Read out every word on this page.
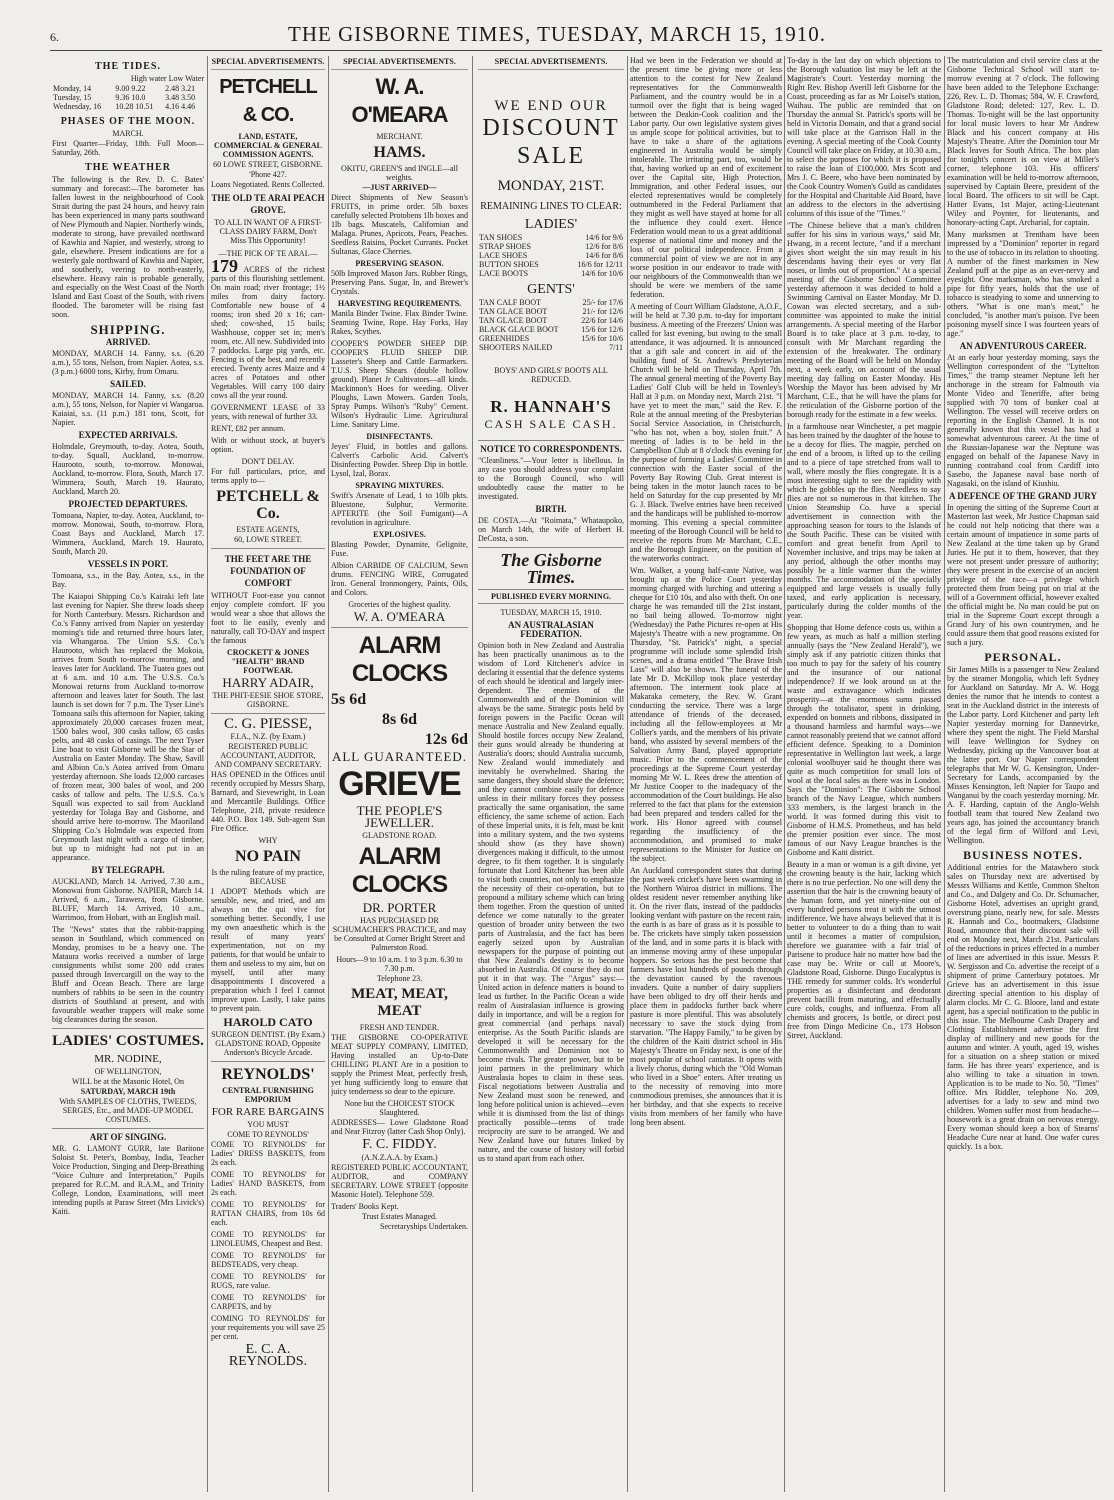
6.	THE GISBORNE TIMES, TUESDAY, MARCH 15, 1910.
THE TIDES.
High water Low Water
Monday, 14	9.00 9.22	2.48 3.21
Tuesday, 15	9.36 10.0	3.48 3.50
Wednesday, 16	10.28 10.51	4.16 4.46
PHASES OF THE MOON.
MARCH.

First Quarter—Friday, 18th. Full Moon—Saturday, 26th.

THE WEATHER

The following is the Rev. D. C. Bates' summary and forecast:—The barometer has fallen lowest in the neighbourhood of Cook Strait during the past 24 hours, and heavy rain has been experienced in many parts southward of New Plymouth and Napier. Northerly winds, moderate to strong, have prevailed northward of Kawhia and Napier, and westerly, strong to gale, elsewhere. Present indications are for a westerly gale northward of Kawhia and Napier, and southerly, veering to north-easterly, elsewhere. Heavy rain is probable generally, and especially on the West Coast of the North Island and East Coast of the South, with rivers flooded. The barometer will be rising fast soon.

SHIPPING.
ARRIVED.

MONDAY, MARCH 14. Fanny, s.s. (6.20 a.m.), 55 tons, Nelson, from Napier. Aotea, s.s. (3 p.m.) 6000 tons, Kirby, from Omaru.

SAILED.

MONDAY, MARCH 14. Fanny, s.s. (8.20 a.m.), 55 tons, Nelson, for Napier vi Wangaroa. Kaiaiai, s.s. (11 p.m.) 181 tons, Scott, for Napier.

EXPECTED ARRIVALS.

Holmdale, Greymouth, to-day. Aotea, South, to-day. Squall, Auckland, to-morrow. Haurooto, south, to-morrow. Monowai, Auckland, to-morrow. Flora, South, March 17. Wimmera, South, March 19. Haurato, Auckland, March 20.

PROJECTED DEPARTURES.

Tomoana, Napier, to-day. Aotea, Auckland, to-morrow. Monowai, South, to-morrow. Flora, Coast Bays and Auckland, March 17. Wimmera, Auckland, March 19. Haurato, South, March 20.

VESSELS IN PORT.

Tomoana, s.s., in the Bay. Aotea, s.s., in the Bay.

The Kaiapoi Shipping Co.'s Kairaki left late last evening for Napier. She threw loads sheep for North Canterbury. Messrs. Richardson and Co.'s Fanny arrived from Napier on yesterday morning's tide and returned three hours later, via Whangaroa. The Union S.S. Co.'s Haurooto, which has replaced the Mokoia, arrives from South to-morrow morning, and leaves later for Auckland. The Tuatea goes out at 6 a.m. and 10 a.m. The U.S.S. Co.'s Monowai returns from Auckland to-morrow afternoon and leaves later for South. The last launch is set down for 7 p.m. The Tyser Line's Tomoana sails this afternoon for Napier, taking approximately 20,000 carcases frozen meat, 1500 bales wool, 300 casks tallow, 65 casks pelts, and 48 casks of casings. The next Tyser Line boat to visit Gisborne will be the Star of Australia on Easter Monday. The Shaw, Savill and Albion Co.'s Aotea arrived from Omaru yesterday afternoon. She loads 12,000 carcases of frozen meat, 300 bales of wool, and 200 casks of tallow and pelts. The U.S.S. Co.'s Squall was expected to sail from Auckland yesterday for Tolaga Bay and Gisborne, and should arrive here to-morrow. The Maoriland Shipping Co.'s Holmdale was expected from Greymouth last night with a cargo of timber, but up to midnight had not put in an appearance.

BY TELEGRAPH.

AUCKLAND, March 14. Arrived, 7.30 a.m., Monowai from Gisborne. NAPIER, March 14. Arrived, 6 a.m., Tarawera, from Gisborne. BLUFF, March 14. Arrived, 10 a.m., Warrimoo, from Hobart, with an English mail.

The "News" states that the rabbit-trapping season in Southland, which commenced on Monday, promises to be a heavy one. The Mataura works received a number of large consignments whilst some 200 odd crates passed through Invercargill on the way to the Bluff and Ocean Beach. There are large numbers of rabbits to be seen in the country districts of Southland at present, and with favourable weather trappers will make some big clearances during the season.

LADIES' COSTUMES.
MR. NODINE,
OF WELLINGTON,
WILL be at the Masonic Hotel, On
SATURDAY, MARCH 19th
With SAMPLES OF CLOTHS, TWEEDS, SERGES, Etc., and MADE-UP MODEL COSTUMES.
ART OF SINGING.

MR. G. LAMONT GURR, late Baritone Soloist St. Peter's, Bombay, India, Teacher Voice Production, Singing and Deep-Breathing "Voice Culture and Interpretation," Pupils prepared for R.C.M. and R.A.M., and Trinity College, London, Examinations, will meet intending pupils at Paraw Street (Mrs Livick's) Kaiti.

SPECIAL ADVERTISEMENTS.
PETCHELL & CO.
LAND, ESTATE, COMMERCIAL & GENERAL COMMISSION AGENTS.
60 LOWE STREET, GISBORNE.
'Phone 427.

Loans Negotiated. Rents Collected.

THE OLD TE ARAI PEACH GROVE.
TO ALL IN WANT OF A FIRST-CLASS DAIRY FARM, Don't Miss This Opportunity!
—THE PICK OF TE ARAI.—

179 ACRES of the richest parts of this flourishing settlement. On main road; river frontage; 1½ miles from dairy factory. Comfortable new house of 4 rooms; iron shed 20 x 16; cart-shed; cow-shed, 15 bails; Washhouse, copper set in; men's room, etc. All new. Subdivided into 7 paddocks. Large pig yards, etc. Fencing is of the best, and recently erected. Twenty acres Maize and 4 acres of Potatoes and other Vegetables. Will carry 100 dairy cows all the year round.

GOVERNMENT LEASE of 33 years, with renewal of further 33.

RENT, £82 per annum.

With or without stock, at buyer's option.

DON'T DELAY.

For full particulars, price, and terms apply to—

PETCHELL & Co.
ESTATE AGENTS,
60, LOWE STREET.
THE FEET ARE THE FOUNDATION OF COMFORT

WITHOUT Foot-ease you cannot enjoy complete comfort. IF you would wear a shoe that allows the foot to lie easily, evenly and naturally, call TO-DAY and inspect the famous

CROCKETT & JONES "HEALTH" BRAND FOOTWEAR.
HARRY ADAIR,
THE PHIT-EESIE SHOE STORE, GISBORNE.
C. G. PIESSE,
F.I.A., N.Z. (by Exam.)
REGISTERED PUBLIC ACCOUNTANT, AUDITOR, AND COMPANY SECRETARY.

HAS OPENED in the Offices until recently occupied by Messrs Sharp, Barnard, and Sievewright, in Loan and Mercantile Buildings. Office Telephone, 218, private residence 440. P.O. Box 149. Sub-agent Sun Fire Office.

WHY
NO PAIN
Is the ruling feature of my practice, BECAUSE

I ADOPT Methods which are sensible, new, and tried, and am always on the qui vive for something better. Secondly, I use my own anaesthetic which is the result of many years' experimentation, not on my patients, for that would be unfair to them and useless to my aim, but on myself, until after many disappointments I discovered a preparation which I feel I cannot improve upon. Lastly, I take pains to prevent pain.

HAROLD CATO
SURGEON DENTIST. (By Exam.) GLADSTONE ROAD, Opposite Anderson's Bicycle Arcade.
REYNOLDS'
CENTRAL FURNISHING EMPORIUM
FOR RARE BARGAINS
YOU MUST
COME TO REYNOLDS'

COME TO REYNOLDS' for Ladies' DRESS BASKETS, from 2s each.

COME TO REYNOLDS' for Ladies' HAND BASKETS, from 2s each.

COME TO REYNOLDS' for RATTAN CHAIRS, from 10s 6d each.

COME TO REYNOLDS' for LINOLEUMS, Cheapest and Best.

COME TO REYNOLDS' for BEDSTEADS, very cheap.

COME TO REYNOLDS' for RUGS, rare value.

COME TO REYNOLDS' for CARPETS, and by

COMING TO REYNOLDS' for your requirements you will save 25 per cent.

E. C. A. REYNOLDS.
SPECIAL ADVERTISEMENTS.
W. A. O'MEARA
MERCHANT.
HAMS.
OKITU, GREEN'S and INGLE—all weights.
—JUST ARRIVED—

Direct Shipments of New Season's FRUITS, in prime order. 5lb boxes carefully selected Protobens 1lb boxes and 1lb bags. Muscatels, Californian and Malaga. Prunes, Apricots, Pears, Peaches. Seedless Raisins, Pocket Currants. Pocket Sultanas, Glace Cherries.

PRESERVING SEASON.

50lb Improved Mason Jars. Rubber Rings, Preserving Pans. Sugar, In, and Brewer's Crystals.

HARVESTING REQUIREMENTS.

Manila Binder Twine. Flax Binder Twine. Seaming Twine, Rope. Hay Forks, Hay Rakes, Scythes.

COOPER'S POWDER SHEEP DIP. COOPER'S FLUID SHEEP DIP. Lasseter's Sheep and Cattle Earmarkers. T.U.S. Sheep Shears (double hollow ground). Planet Jr Cultivators—all kinds. Mackinnon's Hoes for weeding. Oliver Ploughs, Lawn Mowers. Garden Tools, Spray Pumps. Wilson's "Ruby" Cement. Wilson's Hydraulic Lime. Agricultural Lime. Sanitary Lime.

DISINFECTANTS.

Jeyes' Fluid, in bottles and gallons. Calvert's Carbolic Acid. Calvert's Disinfecting Powder. Sheep Dip in bottle. Lysol, Izal, Borax.

SPRAYING MIXTURES.

Swift's Arsenate of Lead, 1 to 10lb pkts. Bluestone, Sulphur, Vermorite. APTERITE (the Soil Fumigant)—A revolution in agriculture.

EXPLOSIVES.

Blasting Powder, Dynamite, Gelignite, Fuse.

Albion CARBIDE OF CALCIUM, Sewn drums. FENCING WIRE, Corrugated Iron. General Ironmongery, Paints, Oils, and Colors.

Groceries of the highest quality.
W. A. O'MEARA
ALARM CLOCKS
5s 6d
8s 6d
12s 6d
ALL GUARANTEED.
GRIEVE
THE PEOPLE'S JEWELLER.
GLADSTONE ROAD.
ALARM CLOCKS
DR. PORTER

HAS PURCHASED DR SCHUMACHER'S PRACTICE, and may be Consulted at Corner Bright Street and Palmerston Road.

Hours—9 to 10 a.m. 1 to 3 p.m. 6.30 to 7.30 p.m.
Telephone 23.
MEAT, MEAT, MEAT
FRESH AND TENDER.

THE GISBORNE CO-OPERATIVE MEAT SUPPLY COMPANY, LIMITED, Having installed an Up-to-Date CHILLING PLANT Are in a position to supply the Primest Meat, perfectly fresh, yet hung sufficiently long to ensure that juicy tenderness so dear to the epicure.

None but the CHOICEST STOCK Slaughtered.

ADDRESSES— Lowe Gladstone Road and Near Fitzroy (latter Cash Shop Only).

F. C. FIDDY.
(A.N.Z.A.A. by Exam.)

REGISTERED PUBLIC ACCOUNTANT, AUDITOR, and COMPANY SECRETARY. LOWE STREET (opposite Masonic Hotel). Telephone 559.

Traders' Books Kept.
Trust Estates Managed.
Secretaryships Undertaken.
SPECIAL ADVERTISEMENTS.
WE END OUR
DISCOUNT
SALE
MONDAY, 21ST.
REMAINING LINES TO CLEAR:
LADIES'
TAN SHOES	14/6 for 9/6
STRAP SHOES	12/6 for 8/6
LACE SHOES	14/6 for 8/6
BUTTON SHOES	16/6 for 12/11
LACE BOOTS	14/6 for 10/6
GENTS'
TAN CALF BOOT	25/- for 17/6
TAN GLACE BOOT	21/- for 12/6
TAN GLACE BOOT	22/6 for 14/6
BLACK GLACE BOOT	15/6 for 12/6
GREENHIDES	15/6 for 10/6
SHOOTERS NAILED	7/11
BOYS' AND GIRLS' BOOTS ALL REDUCED.
R. HANNAH'S
CASH SALE CASH.
NOTICE TO CORRESPONDENTS.

"Cleanliness."—Your letter is libellous. In any case you should address your complaint to the Borough Council, who will undoubtedly cause the matter to be investigated.

BIRTH.

DE COSTA.—At "Roimata," Whataupoko, on March 14th, the wife of Herbert H. DeCosta, a son.

The Gisborne Times.
PUBLISHED EVERY MORNING.
TUESDAY, MARCH 15, 1910.
AN AUSTRALASIAN FEDERATION.

Opinion both in New Zealand and Australia has been practically unanimous as to the wisdom of Lord Kitchener's advice in declaring it essential that the defence systems of each should be identical and largely inter-dependent. The enemies of the Commonwealth and of the Dominion will always be the same. Strategic posts held by foreign powers in the Pacific Ocean will menace Australia and New Zealand equally. Should hostile forces occupy New Zealand, their guns would already be thundering at Australia's doors; should Australia succumb, New Zealand would immediately and inevitably be overwhelmed. Sharing the same dangers, they should share the defence; and they cannot combine easily for defence unless in their military forces they possess practically the same organisation, the same efficiency, the same scheme of action. Each of these Imperial units, it is felt, must be knit into a military system, and the two systems should show (as they have shown) divergences making it difficult, to the utmost degree, to fit them together. It is singularly fortunate that Lord Kitchener has been able to visit both countries, not only to emphasize the necessity of their co-operation, but to propound a military scheme which can bring them together. From the question of united defence we come naturally to the greater question of broader unity between the two parts of Australasia, and the fact has been eagerly seized upon by Australian newspapers for the purpose of pointing out that New Zealand's destiny is to become absorbed in Australia. Of course they do not put it in that way. The "Argus" says:— United action in defence matters is bound to lead us further. In the Pacific Ocean a wide realm of Australasian influence is growing daily in importance, and will be a region for great commercial (and perhaps naval) enterprise. As the South Pacific islands are developed it will be necessary for the Commonwealth and Dominion not to become rivals. The greater power, but to be joint partners in the preliminary which Australasia hopes to claim in these seas. Fiscal negotiations between Australia and New Zealand must soon be renewed, and long before political union is achieved—even while it is dismissed from the list of things practically possible—terms of trade reciprocity are sure to be arranged. We and New Zealand have our futures linked by nature, and the course of history will forbid us to stand apart from each other.

Had we been in the Federation we should at the present time be giving more or less attention to the contest for New Zealand representatives for the Commonwealth Parliament, and the country would be in a turmoil over the fight that is being waged between the Deakin-Cook coalition and the Labor party. Our own legislative system gives us ample scope for political activities, but to have to take a share of the agitations engineered in Australia would be simply intolerable. The irritating part, too, would be that, having worked up an end of excitement over the Capital site, High Protection, Immigration, and other Federal issues, our elected representatives would be completely outnumbered in the Federal Parliament that they might as well have stayed at home for all the influence they could exert. Hence Federation would mean to us a great additional expense of national time and money and the loss of our political independence. From a commercial point of view we are not in any worse position in our endeavor to trade with our neighbours of the Commonwealth than we should be were we members of the same federation.

A meeting of Court William Gladstone, A.O.F., will be held at 7.30 p.m. to-day for important business. A meeting of the Freezers' Union was called for last evening, but owing to the small attendance, it was adjourned. It is announced that a gift sale and concert in aid of the building fund of St. Andrew's Presbyterian Church will be held on Thursday, April 7th. The annual general meeting of the Poverty Bay Ladies' Golf Club will be held in Townley's Hall at 3 p.m. on Monday next, March 21st. "I have yet to meet the man," said the Rev. F. Rule at the annual meeting of the Presbyterian Social Service Association, in Christchurch, "who has not, when a boy, stolen fruit." A meeting of ladies is to be held in the Campbellton Club at 8 o'clock this evening for the purpose of forming a Ladies' Committee in connection with the Easter social of the Poverty Bay Rowing Club. Great interest is being taken in the motor launch races to be held on Saturday for the cup presented by Mr G. J. Black. Twelve entries have been received and the handicaps will be published to-morrow morning. This evening a special committee meeting of the Borough Council will be held to receive the reports from Mr Marchant, C.E., and the Borough Engineer, on the position of the waterworks contract.

Wm. Walker, a young half-caste Native, was brought up at the Police Court yesterday morning charged with lurching and uttering a cheque for £10 10s, and also with theft. On one charge he was remanded till the 21st instant, no bail being allowed. To-morrow night (Wednesday) the Pathe Pictures re-open at His Majesty's Theatre with a new programme. On Thursday, "St. Patrick's" night, a special programme will include some splendid Irish scenes, and a drama entitled "The Brave Irish Lass" will also be shown. The funeral of the late Mr D. McKillop took place yesterday afternoon. The interment took place at Makaraka cemetery, the Rev. W. Grant conducting the service. There was a large attendance of friends of the deceased, including all the fellow-employees at Mr Collier's yards, and the members of his private band, who assisted by several members of the Salvation Army Band, played appropriate music. Prior to the commencement of the proceedings at the Supreme Court yesterday morning Mr W. L. Rees drew the attention of Mr Justice Cooper to the inadequacy of the accommodation of the Court buildings. He also referred to the fact that plans for the extension had been prepared and tenders called for the work. His Honor agreed with counsel regarding the insufficiency of the accommodation, and promised to make representations to the Minister for Justice on the subject.

An Auckland correspondent states that during the past week cricket's have been swarming in the Northern Wairoa district in millions. The oldest resident never remember anything like it. On the river flats, instead of the paddocks looking verdant with pasture on the recent rain, the earth is as bare of grass as it is possible to be. The crickets have simply taken possession of the land, and in some parts it is black with an immense moving army of these unpopular hoppers. So serious has the pest become that farmers have lost hundreds of pounds through the devastation caused by the ravenous invaders. Quite a number of dairy suppliers have been obliged to dry off their herds and place them in paddocks further back where pasture is more plentiful. This was absolutely necessary to save the stock dying from starvation. "The Happy Family," to be given by the children of the Kaiti district school in His Majesty's Theatre on Friday next, is one of the most popular of school cantatas. It opens with a lively chorus, during which the "Old Woman who lived in a Shoe" enters. After treating us to the necessity of removing into more commodious premises, she announces that it is her birthday, and that she expects to receive visits from members of her family who have long been absent.

To-day is the last day on which objections to the Borough valuation list may be left at the Magistrate's Court. Yesterday morning the Right Rev. Bishop Averill left Gisborne for the Coast, proceeding as far as Mr Loisel's station, Waihau. The public are reminded that on Thursday the annual St. Patrick's sports will be held in Victoria Domain, and that a grand social will take place at the Garrison Hall in the evening. A special meeting of the Cook County Council will take place on Friday, at 10.30 a.m., to select the purposes for which it is proposed to raise the loan of £100,000. Mrs Scott and Mrs J. C. Beere, who have been nominated by the Cook Country Women's Guild as candidates for the Hospital and Charitable Aid Board, have an address to the electors in the advertising columns of this issue of the "Times."

"The Chinese believe that a man's children suffer for his sins in various ways," said Mr. Hwang, in a recent lecture, "and if a merchant gives short weight the sin may result in his descendants having their eyes or very flat noses, or limbs out of proportion." At a special meeting of the Gisborne School Committee yesterday afternoon it was decided to hold a Swimming Carnival on Easter Monday. Mr D. Cowan was elected secretary, and a sub-committee was appointed to make the initial arrangements. A special meeting of the Harbor Board is to take place at 3 p.m. to-day, to consult with Mr Marchant regarding the extension of the breakwater. The ordinary meeting of the Board will be held on Monday next, a week early, on account of the usual meeting day falling on Easter Monday. His Worship the Mayor has been advised by Mr Marchant, C.E., that he will have the plans for the reticulation of the Gisborne portion of the borough ready for the estimate in a few weeks.

In a farmhouse near Winchester, a pet magpie has been trained by the daughter of the house to be a decoy for flies. The magpie, perched on the end of a broom, is lifted up to the ceiling and to a piece of tape stretched from wall to wall, where mostly the flies congregate. It is a most interesting sight to see the rapidity with which he gobbles up the flies. Needless to say flies are not so numerous in that kitchen. The Union Steamship Co. have a special advertisement in connection with the approaching season for tours to the Islands of the South Pacific. These can be visited with comfort and great benefit from April to November inclusive, and trips may be taken at any period, although the other months may possibly be a little warmer than the winter months. The accommodation of the specially equipped and large vessels is usually fully taxed, and early application is necessary, particularly during the colder months of the year.

Shopping that Home defence costs us, within a few years, as much as half a million sterling annually (says the "New Zealand Herald"), we simply ask if any patriotic citizen thinks that too much to pay for the safety of his country and the insurance of our national independence? If we look around us at the waste and extravagance which indicates prosperity—at the enormous sums passed through the totalisator, spent in drinking, expended on bonnets and ribbons, dissipated in a thousand harmless and harmful ways—we cannot reasonably pretend that we cannot afford efficient defence. Speaking to a Dominion representative in Wellington last week, a large colonial woolbuyer said he thought there was quite as much competition for small lots of wool at the local sales as there was in London. Says the "Dominion": The Gisborne School branch of the Navy League, which numbers 333 members, is the largest branch in the world. It was formed during this visit to Gisborne of H.M.S. Prometheus, and has held the premier position ever since. The most famous of our Navy League branches is the Gisborne and Kaiti district.

Beauty in a man or woman is a gift divine, yet the crowning beauty is the hair, lacking which there is no true perfection. No one will deny the assertion that the hair is the crowning beauty of the human form, and yet ninety-nine out of every hundred persons treat it with the utmost indifference. We have always believed that it is better to volunteer to do a thing than to wait until it becomes a matter of compulsion, therefore we guarantee with a fair trial of Parisene to produce hair no matter how bad the case may be. Write or call at Moore's, Gladstone Road, Gisborne. Dingo Eucalyptus is THE remedy for summer colds. It's wonderful properties as a disinfectant and deodorant prevent bacilli from maturing, and effectually cure colds, coughs, and influenza. From all chemists and grocers, 1s bottle, or direct post free from Dingo Medicine Co., 173 Hobson Street, Auckland.

The matriculation and civil service class at the Gisborne Technical School will start to-morrow evening at 7 o'clock. The following have been added to the Telephone Exchange: 226, Rev. L. D. Thomas; 584, W. F. Crawford, Gladstone Road; deleted: 127, Rev. L. D. Thomas. To-night will be the last opportunity for local music lovers to hear Mr Andrew Black and his concert company at His Majesty's Theatre. After the Dominion tour Mr Black leaves for South Africa. The box plan for tonight's concert is on view at Miller's corner, telephone 103. His officers' examination will be held to-morrow afternoon, supervised by Captain Beere, president of the local Board. The officers to sit will be Capt. Hatter Evans, 1st Major, acting-Lieutenant Wiley and Poynter, for lieutenants, and honorary-acting Capt. Archarial, for captain.

Many marksmen at Trentham have been impressed by a "Dominion" reporter in regard to the use of tobacco in its relation to shooting. A number of the finest marksmen in New Zealand puff at the pipe as an ever-nervy and eyesight. One marksman, who has smoked a pipe for fifty years, holds that the use of tobacco is steadying to some and unnerving to others. "What is one man's meat," he concluded, "is another man's poison. I've been poisoning myself since I was fourteen years of age."

AN ADVENTUROUS CAREER.

At an early hour yesterday morning, says the Wellington correspondent of the "Lyttelton Times," the tramp steamer Neptune left her anchorage in the stream for Falmouth via Monte Video and Teneriffe, after being supplied with 70 tons of bunker coal at Wellington. The vessel will receive orders on reporting in the English Channel. It is not generally known that this vessel has had a somewhat adventurous career. At the time of the Russian-Japanese war the Neptune was engaged on behalf of the Japanese Navy in running contraband coal from Cardiff into Sasebo, the Japanese naval base north of Nagasaki, on the island of Kiushiu.

A DEFENCE OF THE GRAND JURY

In opening the sitting of the Supreme Court at Masterton last week, Mr Justice Chapman said he could not help noticing that there was a certain amount of impatience in some parts of New Zealand at the time taken up by Grand Juries. He put it to them, however, that they were not present under pressure of authority; they were present in the exercise of an ancient privilege of the race—a privilege which protected them from being put on trial at the will of a Government official, however exalted the official might be. No man could be put on trial in the Supreme Court except through a Grand Jury of his own countrymen, and he could assure them that good reasons existed for such a jury.

PERSONAL.

Sir James Mills is a passenger to New Zealand by the steamer Mongolia, which left Sydney for Auckland on Saturday. Mr A. W. Hogg denies the rumor that he intends to contest a seat in the Auckland district in the interests of the Labor party. Lord Kitchener and party left Napier yesterday morning for Dannevirke, where they spent the night. The Field Marshal will leave Wellington for Sydney on Wednesday, picking up the Vancouver boat at the latter port. Our Napier correspondent telegraphs that Mr W. G. Kensington, Under-Secretary for Lands, accompanied by the Misses Kensington, left Napier for Taupo and Wanganui by the coach yesterday morning. Mr. A. F. Harding, captain of the Anglo-Welsh football team that toured New Zealand two years ago, has joined the accountancy branch of the legal firm of Wilford and Levi, Wellington.

BUSINESS NOTES.

Additional entries for the Matawhero stock sales on Thursday next are advertised by Messrs Williams and Kettle, Common Shelton and Co., and Dalgety and Co. Dr. Schumacher, Gisborne Hotel, advertises an upright grand, overstrung piano, nearly new, for sale. Messrs R. Hannah and Co., bootmakers, Gladstone Road, announce that their discount sale will end on Monday next, March 21st. Particulars of the reductions in prices effected in a number of lines are advertised in this issue. Messrs P. W. Sergisson and Co. advertise the receipt of a shipment of prime Canterbury potatoes. Mr Grieve has an advertisement in this issue directing special attention to his display of alarm clocks. Mr C. G. Bloore, land and estate agent, has a special notification to the public in this issue. The Melbourne Cash Drapery and Clothing Establishment advertise the first display of millinery and new goods for the autumn and winter. A youth, aged 19, wishes for a situation on a sheep station or mixed farm. He has three years' experience, and is also willing to take a situation in town. Application is to be made to No. 50, "Times" office. Mrs Riddler, telephone No. 209, advertises for a lady to sew and mind two children. Women suffer most from headache—housework is a great drain on nervous energy. Every woman should keep a box of Stearns' Headache Cure near at hand. One wafer cures quickly. 1s a box.
